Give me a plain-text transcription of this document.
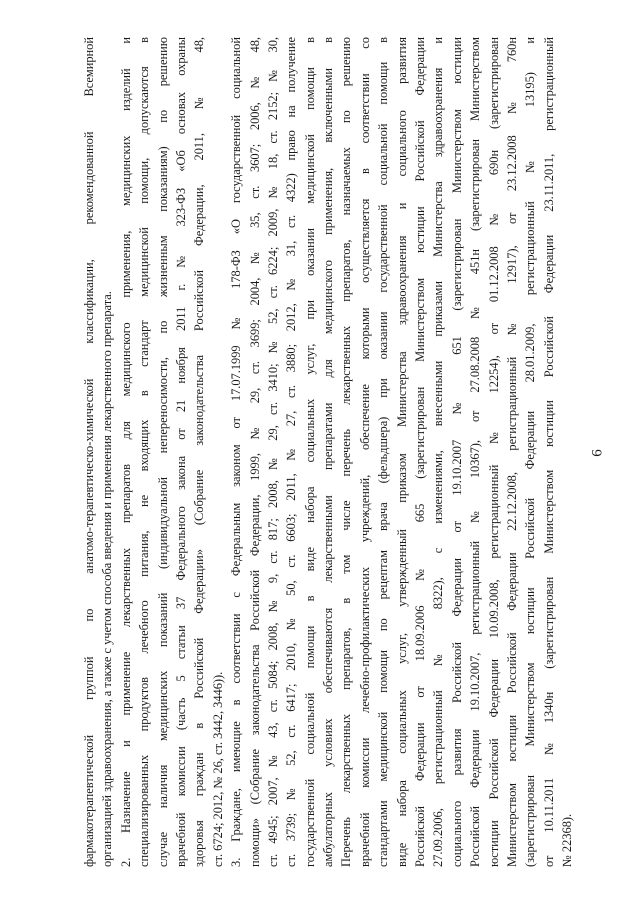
6
фармакотерапевтической группой по анатомо-терапевтическо-химической классификации, рекомендованной Всемирной организацией здравоохранения, а также с учетом способа введения и применения лекарственного препарата. 2. Назначение и применение лекарственных препаратов для медицинского применения, медицинских изделий и специализированных продуктов лечебного питания, не входящих в стандарт медицинской помощи, допускаются в случае наличия медицинских показаний (индивидуальной непереносимости, по жизненным показаниям) по решению врачебной комиссии (часть 5 статьи 37 Федерального закона от 21 ноября 2011 г. № 323-ФЗ «Об основах охраны здоровья граждан в Российской Федерации» (Собрание законодательства Российской Федерации, 2011, № 48, ст. 6724; 2012, № 26, ст. 3442, 3446)). 3. Граждане, имеющие в соответствии с Федеральным законом от 17.07.1999 № 178-ФЗ «О государственной социальной помощи» (Собрание законодательства Российской Федерации, 1999, № 29, ст. 3699; 2004, № 35, ст. 3607; 2006, № 48, ст. 4945; 2007, № 43, ст. 5084; 2008, № 9, ст. 817; 2008, № 29, ст. 3410; № 52, ст. 6224; 2009, № 18, ст. 2152; № 30, ст. 3739; № 52, ст. 6417; 2010, № 50, ст. 6603; 2011, № 27, ст. 3880; 2012, № 31, ст. 4322) право на получение государственной социальной помощи в виде набора социальных услуг, при оказании медицинской помощи в амбулаторных условиях обеспечиваются лекарственными препаратами для медицинского применения, включенными в Перечень лекарственных препаратов, в том числе перечень лекарственных препаратов, назначаемых по решению врачебной комиссии лечебно-профилактических учреждений, обеспечение которыми осуществляется в соответствии со стандартами медицинской помощи по рецептам врача (фельдшера) при оказании государственной социальной помощи в виде набора социальных услуг, утвержденный приказом Министерства здравоохранения и социального развития Российской Федерации от 18.09.2006 № 665 (зарегистрирован Министерством юстиции Российской Федерации 27.09.2006, регистрационный № 8322), с изменениями, внесенными приказами Министерства здравоохранения и социального развития Российской Федерации от 19.10.2007 № 651 (зарегистрирован Министерством юстиции Российской Федерации 19.10.2007, регистрационный № 10367), от 27.08.2008 № 451н (зарегистрирован Министерством юстиции Российской Федерации 10.09.2008, регистрационный № 12254), от 01.12.2008 № 690н (зарегистрирован Министерством юстиции Российской Федерации 22.12.2008, регистрационный № 12917), от 23.12.2008 № 760н (зарегистрирован Министерством юстиции Российской Федерации 28.01.2009, регистрационный № 13195) и от 10.11.2011 №1340н (зарегистрирован Министерством юстиции Российской Федерации 23.11.2011, регистрационный № 22368).
